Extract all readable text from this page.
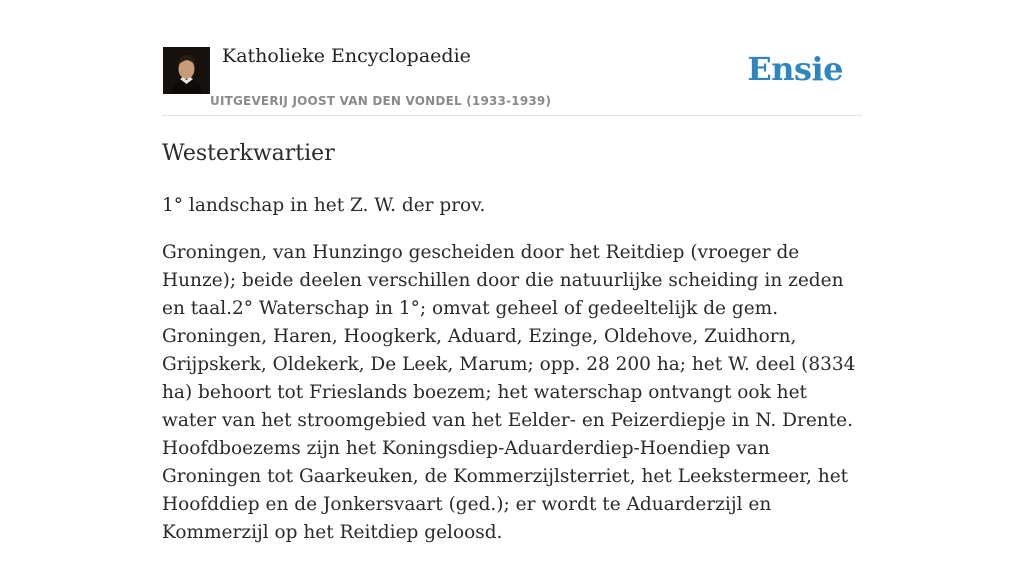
Katholieke Encyclopaedie
UITGEVERIJ JOOST VAN DEN VONDEL (1933-1939)
Ensie
Westerkwartier

1° landschap in het Z. W. der prov.

Groningen, van Hunzingo gescheiden door het Reitdiep (vroeger de Hunze); beide deelen verschillen door die natuurlijke scheiding in zeden en taal.2° Waterschap in 1°; omvat geheel of gedeeltelijk de gem. Groningen, Haren, Hoogkerk, Aduard, Ezinge, Oldehove, Zuidhorn, Grijpskerk, Oldekerk, De Leek, Marum; opp. 28 200 ha; het W. deel (8334 ha) behoort tot Frieslands boezem; het waterschap ontvangt ook het water van het stroomgebied van het Eelder- en Peizerdiepje in N. Drente. Hoofdboezems zijn het Koningsdiep-Aduarderdiep-Hoendiep van Groningen tot Gaarkeuken, de Kommerzijlsterriet, het Leekstermeer, het Hoofddiep en de Jonkersvaart (ged.); er wordt te Aduarderzijl en Kommerzijl op het Reitdiep geloosd.
